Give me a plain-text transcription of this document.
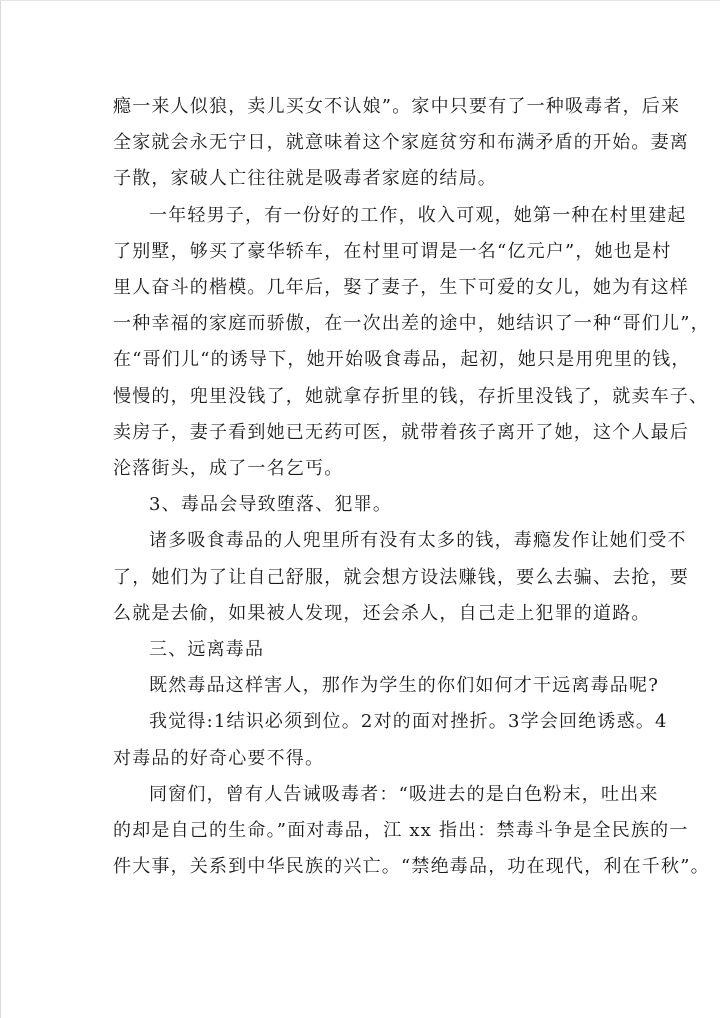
瘾一来人似狼，卖儿买女不认娘”。家中只要有了一种吸毒者，后来
全家就会永无宁日，就意味着这个家庭贫穷和布满矛盾的开始。妻离
子散，家破人亡往往就是吸毒者家庭的结局。
一年轻男子，有一份好的工作，收入可观，她第一种在村里建起
了别墅，够买了豪华轿车，在村里可谓是一名“亿元户”，她也是村
里人奋斗的楷模。几年后，娶了妻子，生下可爱的女儿，她为有这样
一种幸福的家庭而骄傲，在一次出差的途中，她结识了一种“哥们儿”，
在“哥们儿“的诱导下，她开始吸食毒品，起初，她只是用兜里的钱，
慢慢的，兜里没钱了，她就拿存折里的钱，存折里没钱了，就卖车子、
卖房子，妻子看到她已无药可医，就带着孩子离开了她，这个人最后
沦落街头，成了一名乞丐。
3、毒品会导致堕落、犯罪。
诸多吸食毒品的人兜里所有没有太多的钱，毒瘾发作让她们受不
了，她们为了让自己舒服，就会想方设法赚钱，要么去骗、去抢，要
么就是去偷，如果被人发现，还会杀人，自己走上犯罪的道路。
三、远离毒品
既然毒品这样害人，那作为学生的你们如何才干远离毒品呢?
我觉得:1结识必须到位。2对的面对挫折。3学会回绝诱惑。4
对毒品的好奇心要不得。
同窗们，曾有人告诫吸毒者：“吸进去的是白色粉末，吐出来
的却是自己的生命。”面对毒品，江 xx 指出：禁毒斗争是全民族的一
件大事，关系到中华民族的兴亡。“禁绝毒品，功在现代，利在千秋”。
